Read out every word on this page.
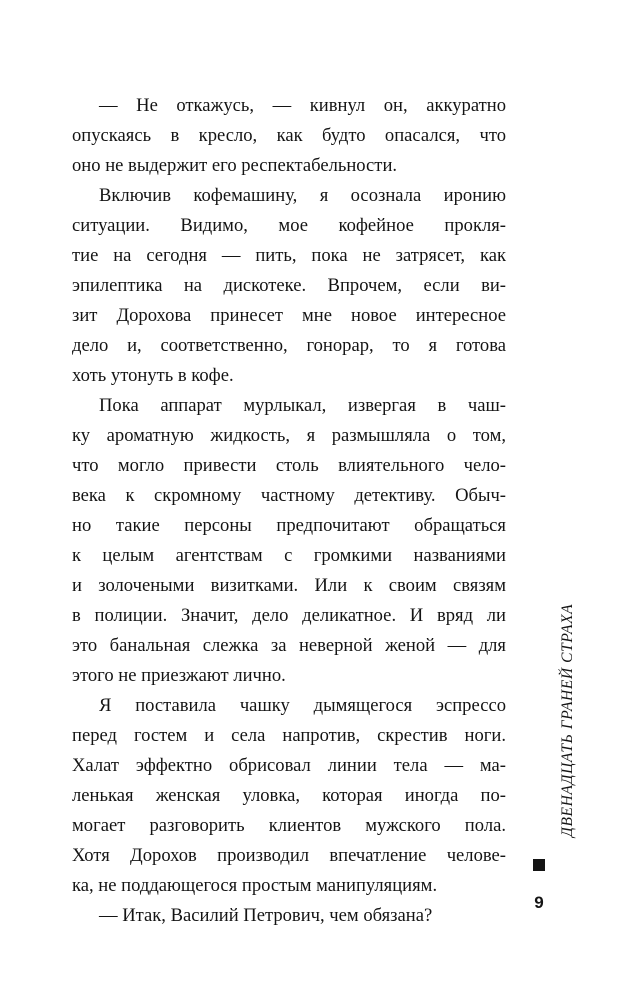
— Не откажусь, — кивнул он, аккуратно
опускаясь в кресло, как будто опасался, что
оно не выдержит его респектабельности.
Включив кофемашину, я осознала иронию
ситуации. Видимо, мое кофейное прокля-
тие на сегодня — пить, пока не затрясет, как
эпилептика на дискотеке. Впрочем, если ви-
зит Дорохова принесет мне новое интересное
дело и, соответственно, гонорар, то я готова
хоть утонуть в кофе.
Пока аппарат мурлыкал, извергая в чаш-
ку ароматную жидкость, я размышляла о том,
что могло привести столь влиятельного чело-
века к скромному частному детективу. Обыч-
но такие персоны предпочитают обращаться
к целым агентствам с громкими названиями
и золочеными визитками. Или к своим связям
в полиции. Значит, дело деликатное. И вряд ли
это банальная слежка за неверной женой — для
этого не приезжают лично.
Я поставила чашку дымящегося эспрессо
перед гостем и села напротив, скрестив ноги.
Халат эффектно обрисовал линии тела — ма-
ленькая женская уловка, которая иногда по-
могает разговорить клиентов мужского пола.
Хотя Дорохов производил впечатление челове-
ка, не поддающегося простым манипуляциям.
— Итак, Василий Петрович, чем обязана?
ДВЕНАДЦАТЬ ГРАНЕЙ СТРАХА
9
